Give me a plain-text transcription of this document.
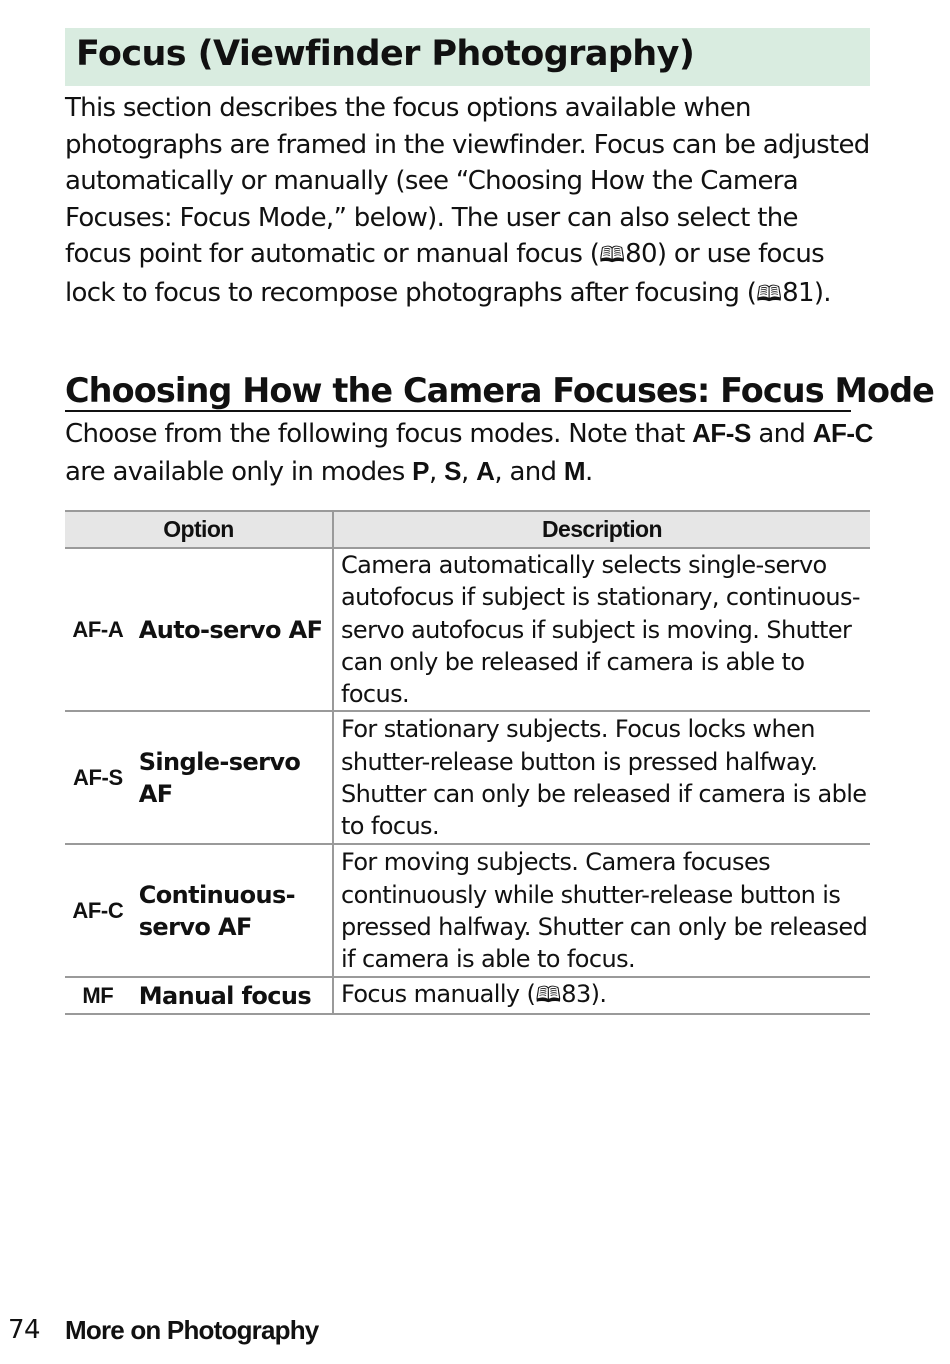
Focus (Viewfinder Photography)

This section describes the focus options available when photographs are framed in the viewfinder. Focus can be adjusted automatically or manually (see “Choosing How the Camera Focuses: Focus Mode,” below). The user can also select the focus point for automatic or manual focus (🕮80) or use focus lock to focus to recompose photographs after focusing (🕮81).

Choosing How the Camera Focuses: Focus Mode

Choose from the following focus modes. Note that AF-S and AF-C are available only in modes P, S, A, and M.

Option		Description
AF-A	Auto-servo AF	Camera automatically selects single-servo autofocus if subject is stationary, continuous-servo autofocus if subject is moving. Shutter can only be released if camera is able to focus.
AF-S	Single-servo AF	For stationary subjects. Focus locks when shutter-release button is pressed halfway. Shutter can only be released if camera is able to focus.
AF-C	Continuous-servo AF	For moving subjects. Camera focuses continuously while shutter-release button is pressed halfway. Shutter can only be released if camera is able to focus.
MF	Manual focus	Focus manually (🕮83).
74 More on Photography
